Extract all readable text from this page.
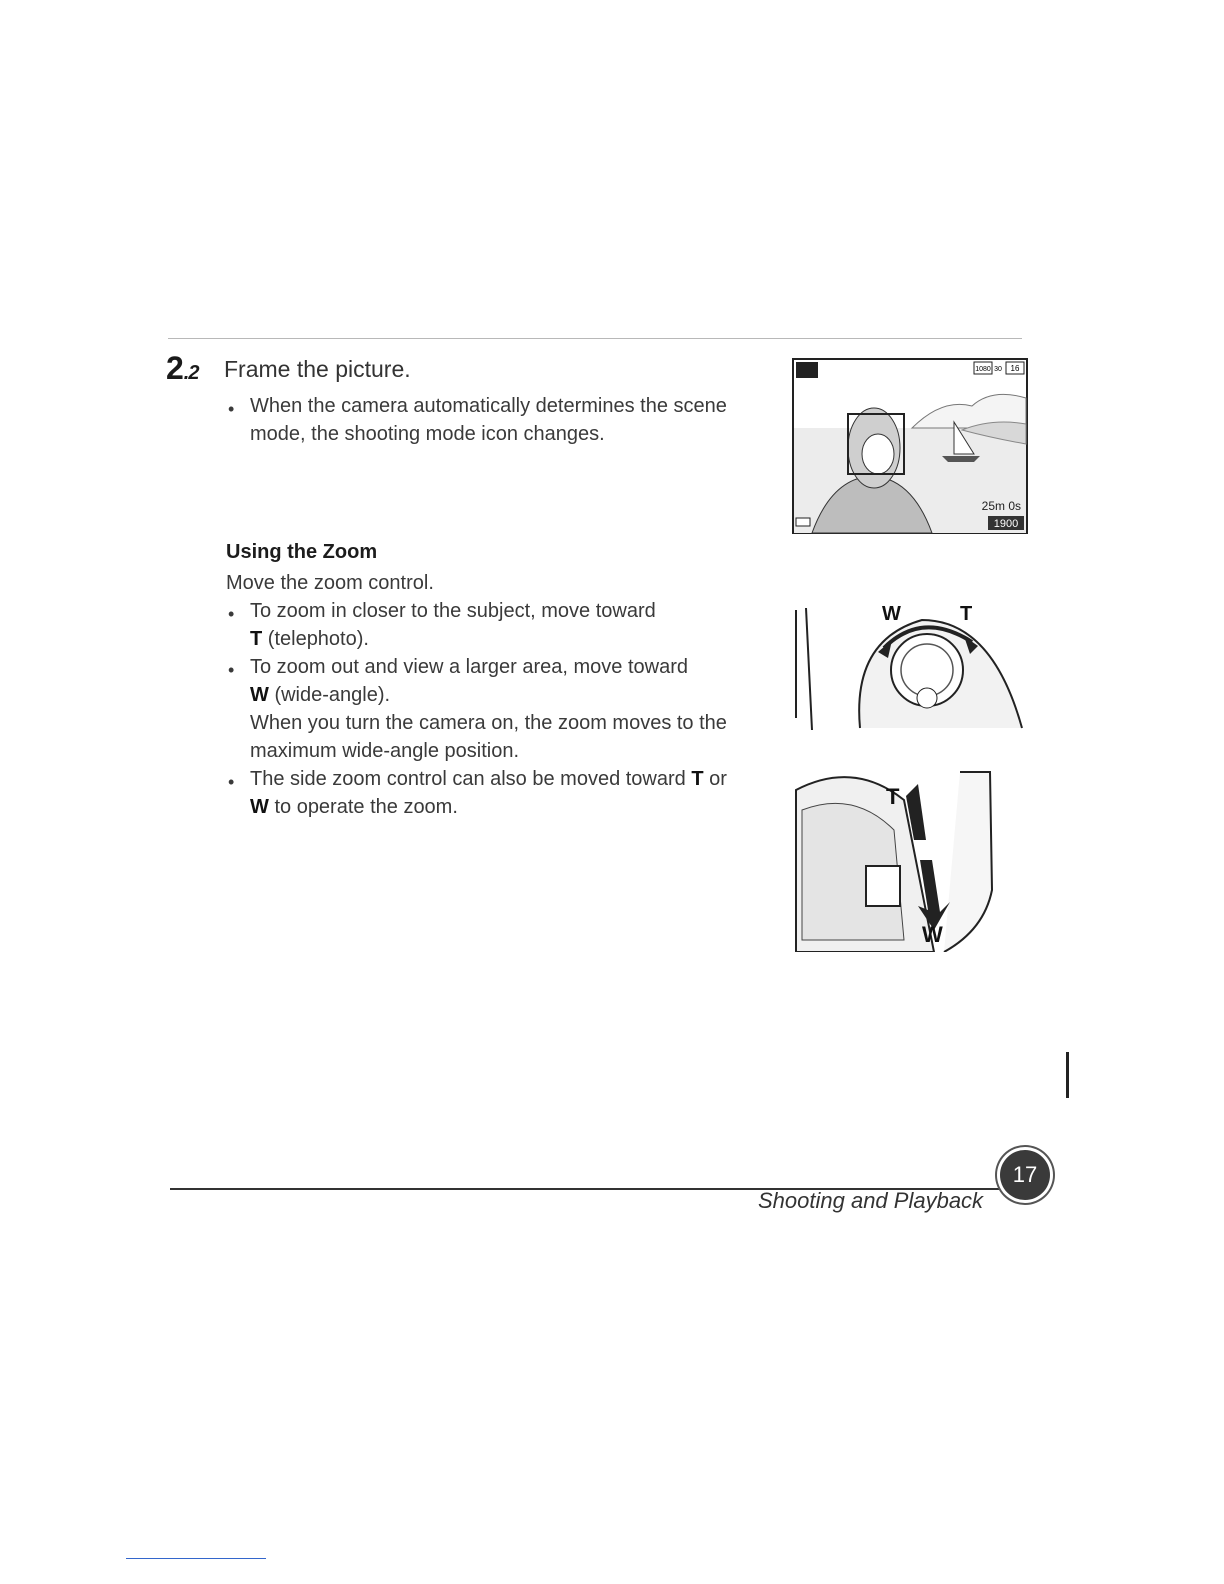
2.2 Frame the picture.
• When the camera automatically determines the scene mode, the shooting mode icon changes.
Using the Zoom
Move the zoom control.
• To zoom in closer to the subject, move toward
T (telephoto).
• To zoom out and view a larger area, move toward
W (wide-angle).
When you turn the camera on, the zoom moves to the
maximum wide-angle position.
• The side zoom control can also be moved toward T or
W to operate the zoom.
1080 30 16
25m 0s
1900
W	T
T
W
Shooting and Playback
17
